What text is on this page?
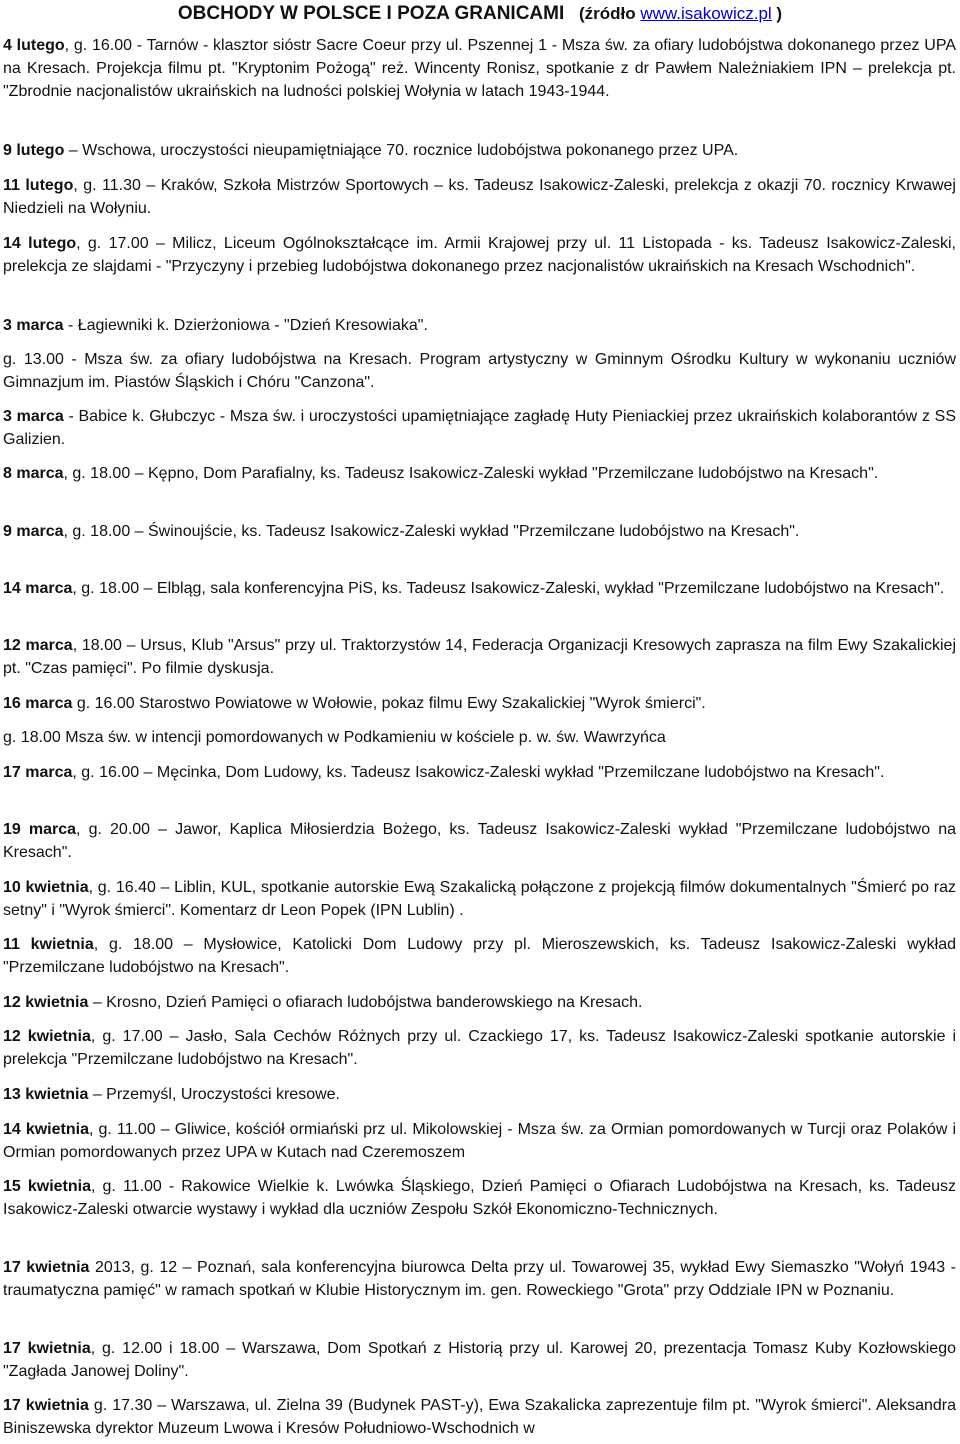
OBCHODY W POLSCE I POZA GRANICAMI (źródło www.isakowicz.pl )

4 lutego, g. 16.00 - Tarnów - klasztor sióstr Sacre Coeur przy ul. Pszennej 1 - Msza św. za ofiary ludobójstwa dokonanego przez UPA na Kresach. Projekcja filmu pt. "Kryptonim Pożogą" reż. Wincenty Ronisz, spotkanie z dr Pawłem Należniakiem IPN – prelekcja pt. "Zbrodnie nacjonalistów ukraińskich na ludności polskiej Wołynia w latach 1943-1944.

9 lutego – Wschowa, uroczystości nieupamiętniające 70. rocznice ludobójstwa pokonanego przez UPA.

11 lutego, g. 11.30 – Kraków, Szkoła Mistrzów Sportowych – ks. Tadeusz Isakowicz-Zaleski, prelekcja z okazji 70. rocznicy Krwawej Niedzieli na Wołyniu.

14 lutego, g. 17.00 – Milicz, Liceum Ogólnokształcące im. Armii Krajowej przy ul. 11 Listopada - ks. Tadeusz Isakowicz-Zaleski, prelekcja ze slajdami - "Przyczyny i przebieg ludobójstwa dokonanego przez nacjonalistów ukraińskich na Kresach Wschodnich".

3 marca - Łagiewniki k. Dzierżoniowa - "Dzień Kresowiaka".

g. 13.00 - Msza św. za ofiary ludobójstwa na Kresach. Program artystyczny w Gminnym Ośrodku Kultury w wykonaniu uczniów Gimnazjum im. Piastów Śląskich i Chóru "Canzona".

3 marca - Babice k. Głubczyc - Msza św. i uroczystości upamiętniające zagładę Huty Pieniackiej przez ukraińskich kolaborantów z SS Galizien.

8 marca, g. 18.00 – Kępno, Dom Parafialny, ks. Tadeusz Isakowicz-Zaleski wykład "Przemilczane ludobójstwo na Kresach".

9 marca, g. 18.00 – Świnoujście, ks. Tadeusz Isakowicz-Zaleski wykład "Przemilczane ludobójstwo na Kresach".

14 marca, g. 18.00 – Elbląg, sala konferencyjna PiS, ks. Tadeusz Isakowicz-Zaleski, wykład "Przemilczane ludobójstwo na Kresach".

12 marca, 18.00 – Ursus, Klub "Arsus" przy ul. Traktorzystów 14, Federacja Organizacji Kresowych zaprasza na film Ewy Szakalickiej pt. "Czas pamięci". Po filmie dyskusja.

16 marca g. 16.00 Starostwo Powiatowe w Wołowie, pokaz filmu Ewy Szakalickiej "Wyrok śmierci".

g. 18.00 Msza św. w intencji pomordowanych w Podkamieniu w kościele p. w. św. Wawrzyńca

17 marca, g. 16.00 – Męcinka, Dom Ludowy, ks. Tadeusz Isakowicz-Zaleski wykład "Przemilczane ludobójstwo na Kresach".

19 marca, g. 20.00 – Jawor, Kaplica Miłosierdzia Bożego, ks. Tadeusz Isakowicz-Zaleski wykład "Przemilczane ludobójstwo na Kresach".

10 kwietnia, g. 16.40 – Liblin, KUL, spotkanie autorskie Ewą Szakalicką połączone z projekcją filmów dokumentalnych "Śmierć po raz setny" i "Wyrok śmierci". Komentarz dr Leon Popek (IPN Lublin) .

11 kwietnia, g. 18.00 – Mysłowice, Katolicki Dom Ludowy przy pl. Mieroszewskich, ks. Tadeusz Isakowicz-Zaleski wykład "Przemilczane ludobójstwo na Kresach".

12 kwietnia – Krosno, Dzień Pamięci o ofiarach ludobójstwa banderowskiego na Kresach.

12 kwietnia, g. 17.00 – Jasło, Sala Cechów Różnych przy ul. Czackiego 17, ks. Tadeusz Isakowicz-Zaleski spotkanie autorskie i prelekcja "Przemilczane ludobójstwo na Kresach".

13 kwietnia – Przemyśl, Uroczystości kresowe.

14 kwietnia, g. 11.00 – Gliwice, kościół ormiański prz ul. Mikolowskiej - Msza św. za Ormian pomordowanych w Turcji oraz Polaków i Ormian pomordowanych przez UPA w Kutach nad Czeremoszem

15 kwietnia, g. 11.00 - Rakowice Wielkie k. Lwówka Śląskiego, Dzień Pamięci o Ofiarach Ludobójstwa na Kresach, ks. Tadeusz Isakowicz-Zaleski otwarcie wystawy i wykład dla uczniów Zespołu Szkół Ekonomiczno-Technicznych.

17 kwietnia 2013, g. 12 – Poznań, sala konferencyjna biurowca Delta przy ul. Towarowej 35, wykład Ewy Siemaszko "Wołyń 1943 - traumatyczna pamięć" w ramach spotkań w Klubie Historycznym im. gen. Roweckiego "Grota" przy Oddziale IPN w Poznaniu.

17 kwietnia, g. 12.00 i 18.00 – Warszawa, Dom Spotkań z Historią przy ul. Karowej 20, prezentacja Tomasz Kuby Kozłowskiego "Zagłada Janowej Doliny".

17 kwietnia g. 17.30 – Warszawa, ul. Zielna 39 (Budynek PAST-y), Ewa Szakalicka zaprezentuje film pt. "Wyrok śmierci". Aleksandra Biniszewska dyrektor Muzeum Lwowa i Kresów Południowo-Wschodnich w
